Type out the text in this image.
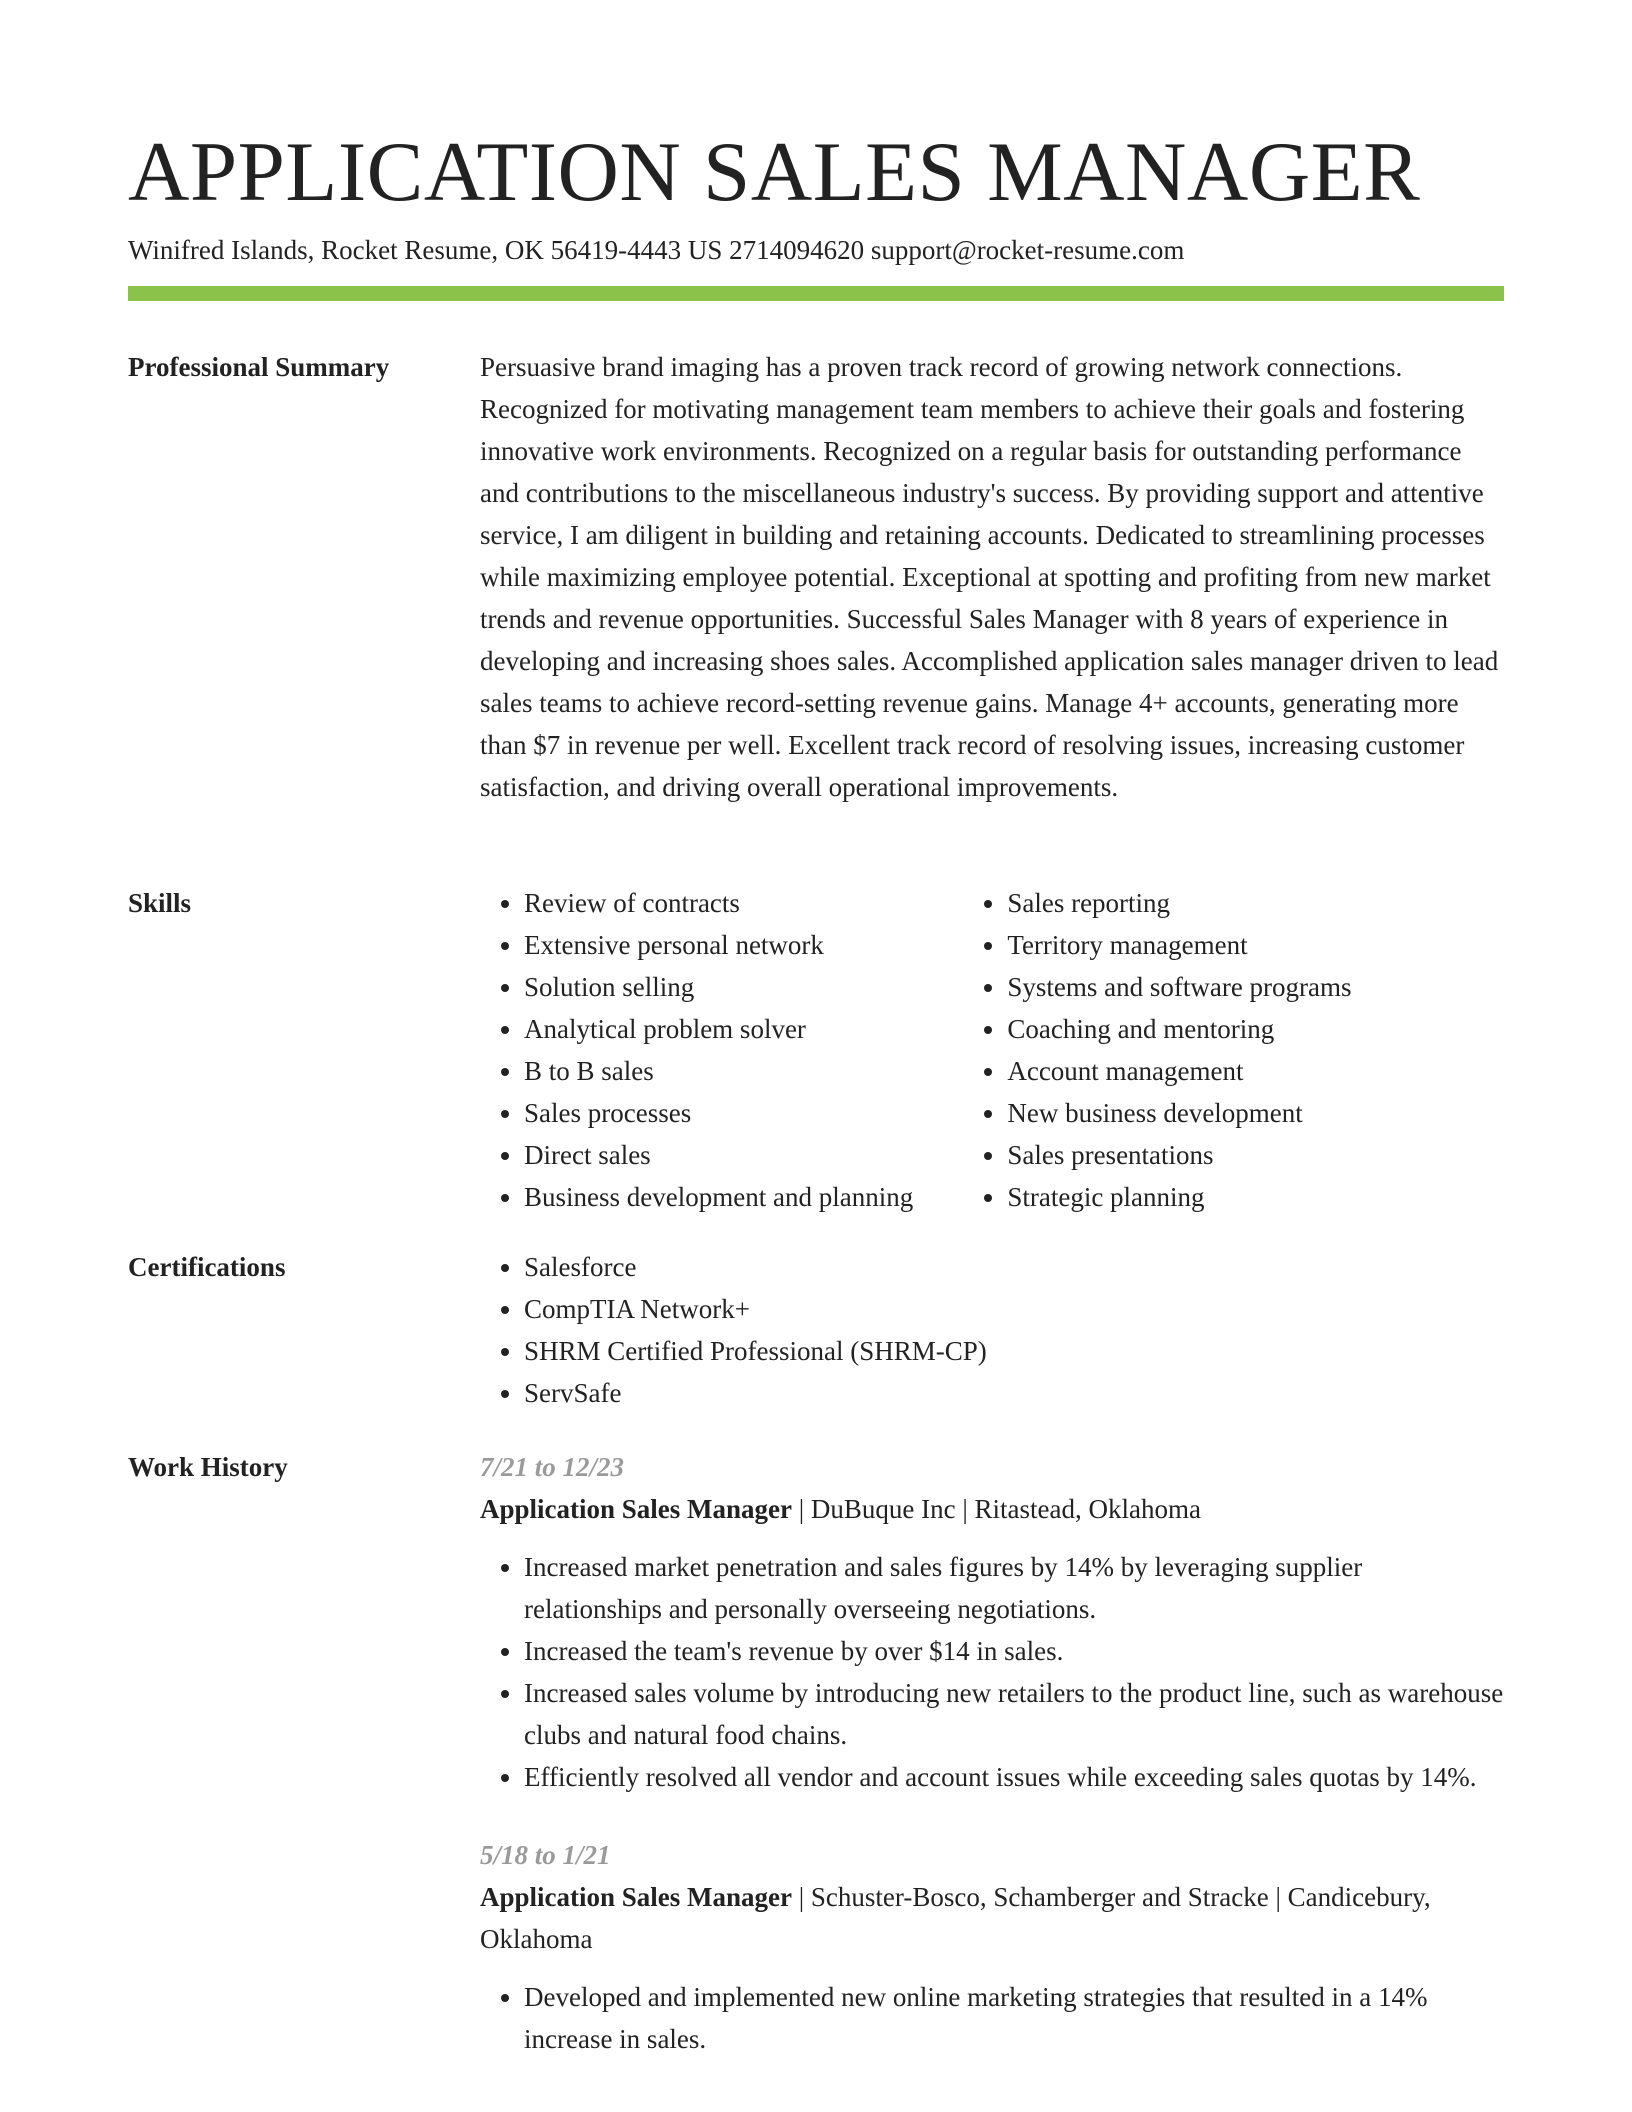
APPLICATION SALES MANAGER
Winifred Islands, Rocket Resume, OK 56419-4443 US 2714094620 support@rocket-resume.com
Professional Summary	Persuasive brand imaging has a proven track record of growing network connections. Recognized for motivating management team members to achieve their goals and fostering innovative work environments. Recognized on a regular basis for outstanding performance and contributions to the miscellaneous industry's success. By providing support and attentive service, I am diligent in building and retaining accounts. Dedicated to streamlining processes while maximizing employee potential. Exceptional at spotting and profiting from new market trends and revenue opportunities. Successful Sales Manager with 8 years of experience in developing and increasing shoes sales. Accomplished application sales manager driven to lead sales teams to achieve record-setting revenue gains. Manage 4+ accounts, generating more than $7 in revenue per well. Excellent track record of resolving issues, increasing customer satisfaction, and driving overall operational improvements.

Skills	• Review of contracts
• Extensive personal network
• Solution selling
• Analytical problem solver
• B to B sales
• Sales processes
• Direct sales
• Business development and planning
• Sales reporting
• Territory management
• Systems and software programs
• Coaching and mentoring
• Account management
• New business development
• Sales presentations
• Strategic planning
Certifications	• Salesforce
• CompTIA Network+
• SHRM Certified Professional (SHRM-CP)
• ServSafe
Work History	7/21 to 12/23
Application Sales Manager | DuBuque Inc | Ritastead, Oklahoma
• Increased market penetration and sales figures by 14% by leveraging supplier relationships and personally overseeing negotiations.
• Increased the team's revenue by over $14 in sales.
• Increased sales volume by introducing new retailers to the product line, such as warehouse clubs and natural food chains.
• Efficiently resolved all vendor and account issues while exceeding sales quotas by 14%.
5/18 to 1/21
Application Sales Manager | Schuster-Bosco, Schamberger and Stracke | Candicebury, Oklahoma
• Developed and implemented new online marketing strategies that resulted in a 14% increase in sales.
